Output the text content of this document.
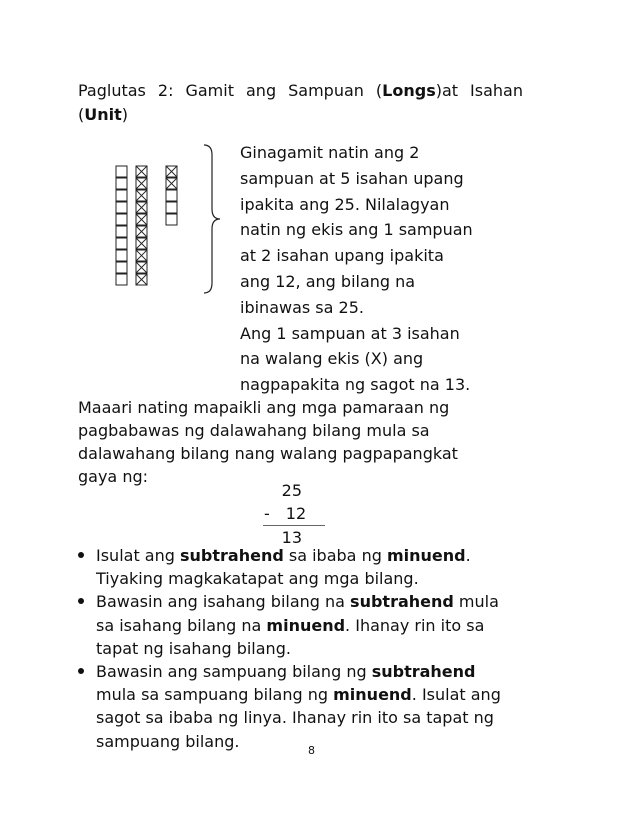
Paglutas 2: Gamit ang Sampuan (Longs)at Isahan (Unit)

Ginagamit natin ang 2

sampuan at 5 isahan upang

ipakita ang 25. Nilalagyan

natin ng ekis ang 1 sampuan

at 2 isahan upang ipakita

ang 12, ang bilang na

ibinawas sa 25.

Ang 1 sampuan at 3 isahan

na walang ekis (X) ang

nagpapakita ng sagot na 13.

Maaari nating mapaikli ang mga pamaraan ng

pagbabawas ng dalawahang bilang mula sa

dalawahang bilang nang walang pagpapangkat

gaya ng:

25
- 12
13
Isulat ang subtrahend sa ibaba ng minuend.
Tiyaking magkakatapat ang mga bilang.
Bawasin ang isahang bilang na subtrahend mula
sa isahang bilang na minuend. Ihanay rin ito sa
tapat ng isahang bilang.
Bawasin ang sampuang bilang ng subtrahend
mula sa sampuang bilang ng minuend. Isulat ang
sagot sa ibaba ng linya. Ihanay rin ito sa tapat ng
sampuang bilang.	8
